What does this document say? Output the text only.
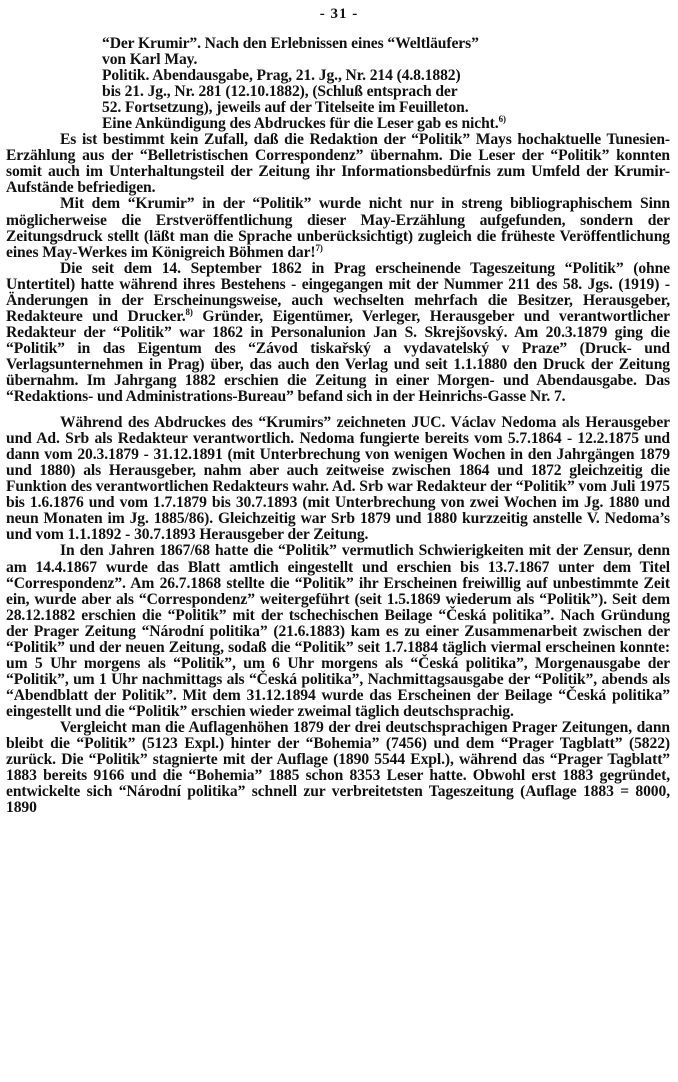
- 31 -
“Der Krumir”. Nach den Erlebnissen eines “Weltläufers”
von Karl May.
Politik. Abendausgabe, Prag, 21. Jg., Nr. 214 (4.8.1882)
bis 21. Jg., Nr. 281 (12.10.1882), (Schluß entsprach der
52. Fortsetzung), jeweils auf der Titelseite im Feuilleton.
Eine Ankündigung des Abdruckes für die Leser gab es nicht.$^{6)}$

Es ist bestimmt kein Zufall, daß die Redaktion der “Politik” Mays hochaktuelle Tunesien-Erzählung aus der “Belletristischen Correspondenz” übernahm. Die Leser der “Politik” konnten somit auch im Unterhaltungsteil der Zeitung ihr Informationsbedürfnis zum Umfeld der Krumir-Aufstände befriedigen.

Mit dem “Krumir” in der “Politik” wurde nicht nur in streng bibliographischem Sinn möglicherweise die Erstveröffentlichung dieser May-Erzählung aufgefunden, sondern der Zeitungsdruck stellt (läßt man die Sprache unberücksichtigt) zugleich die früheste Veröffentlichung eines May-Werkes im Königreich Böhmen dar!$^{7)}$

Die seit dem 14. September 1862 in Prag erscheinende Tageszeitung “Politik” (ohne Untertitel) hatte während ihres Bestehens - eingegangen mit der Nummer 211 des 58. Jgs. (1919) - Änderungen in der Erscheinungsweise, auch wechselten mehrfach die Besitzer, Herausgeber, Redakteure und Drucker.$^{8)}$ Gründer, Eigentümer, Verleger, Herausgeber und verantwortlicher Redakteur der “Politik” war 1862 in Personalunion Jan S. Skrejšovský. Am 20.3.1879 ging die “Politik” in das Eigentum des “Závod tiskařský a vydavatelský v Praze” (Druck- und Verlagsunternehmen in Prag) über, das auch den Verlag und seit 1.1.1880 den Druck der Zeitung übernahm. Im Jahrgang 1882 erschien die Zeitung in einer Morgen- und Abendausgabe. Das “Redaktions- und Administrations-Bureau” befand sich in der Heinrichs-Gasse Nr. 7.

Während des Abdruckes des “Krumirs” zeichneten JUC. Václav Nedoma als Herausgeber und Ad. Srb als Redakteur verantwortlich. Nedoma fungierte bereits vom 5.7.1864 - 12.2.1875 und dann vom 20.3.1879 - 31.12.1891 (mit Unterbrechung von wenigen Wochen in den Jahrgängen 1879 und 1880) als Herausgeber, nahm aber auch zeitweise zwischen 1864 und 1872 gleichzeitig die Funktion des verantwortlichen Redakteurs wahr. Ad. Srb war Redakteur der “Politik” vom Juli 1975 bis 1.6.1876 und vom 1.7.1879 bis 30.7.1893 (mit Unterbrechung von zwei Wochen im Jg. 1880 und neun Monaten im Jg. 1885/86). Gleichzeitig war Srb 1879 und 1880 kurzzeitig anstelle V. Nedoma’s und vom 1.1.1892 - 30.7.1893 Herausgeber der Zeitung.

In den Jahren 1867/68 hatte die “Politik” vermutlich Schwierigkeiten mit der Zensur, denn am 14.4.1867 wurde das Blatt amtlich eingestellt und erschien bis 13.7.1867 unter dem Titel “Correspondenz”. Am 26.7.1868 stellte die “Politik” ihr Erscheinen freiwillig auf unbestimmte Zeit ein, wurde aber als “Correspondenz” weitergeführt (seit 1.5.1869 wiederum als “Politik”). Seit dem 28.12.1882 erschien die “Politik” mit der tschechischen Beilage “Česká politika”. Nach Gründung der Prager Zeitung “Národní politika” (21.6.1883) kam es zu einer Zusammenarbeit zwischen der “Politik” und der neuen Zeitung, sodaß die “Politik” seit 1.7.1884 täglich viermal erscheinen konnte: um 5 Uhr morgens als “Politik”, um 6 Uhr morgens als “Česká politika”, Morgenausgabe der “Politik”, um 1 Uhr nachmittags als “Česká politika”, Nachmittagsausgabe der “Politik”, abends als “Abendblatt der Politik”. Mit dem 31.12.1894 wurde das Erscheinen der Beilage “Česká politika” eingestellt und die “Politik” erschien wieder zweimal täglich deutschsprachig.

Vergleicht man die Auflagenhöhen 1879 der drei deutschsprachigen Prager Zeitungen, dann bleibt die “Politik” (5123 Expl.) hinter der “Bohemia” (7456) und dem “Prager Tagblatt” (5822) zurück. Die “Politik” stagnierte mit der Auflage (1890 5544 Expl.), während das “Prager Tagblatt” 1883 bereits 9166 und die “Bohemia” 1885 schon 8353 Leser hatte. Obwohl erst 1883 gegründet, entwickelte sich “Národní politika” schnell zur verbreitetsten Tageszeitung (Auflage 1883 = 8000, 1890
